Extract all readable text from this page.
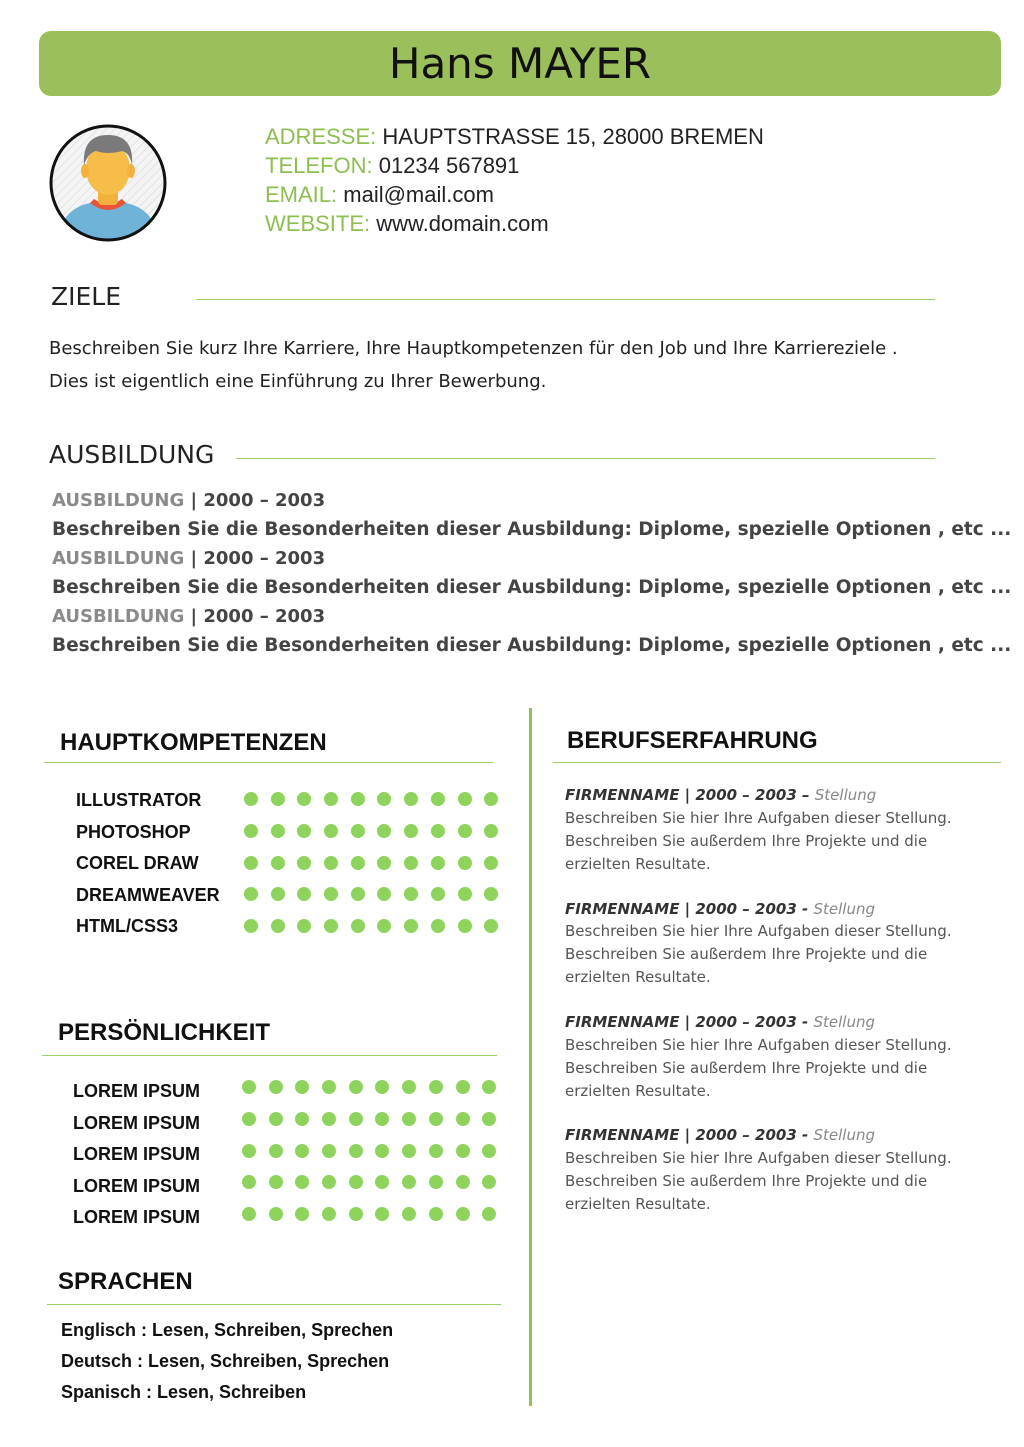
Hans MAYER
ADRESSE: HAUPTSTRASSE 15, 28000 BREMEN
TELEFON: 01234 567891
EMAIL: mail@mail.com
WEBSITE: www.domain.com
ZIELE
Beschreiben Sie kurz Ihre Karriere, Ihre Hauptkompetenzen für den Job und Ihre Karriereziele .
Dies ist eigentlich eine Einführung zu Ihrer Bewerbung.
AUSBILDUNG
AUSBILDUNG | 2000 – 2003
Beschreiben Sie die Besonderheiten dieser Ausbildung: Diplome, spezielle Optionen , etc ...
AUSBILDUNG | 2000 – 2003
Beschreiben Sie die Besonderheiten dieser Ausbildung: Diplome, spezielle Optionen , etc ...
AUSBILDUNG | 2000 – 2003
Beschreiben Sie die Besonderheiten dieser Ausbildung: Diplome, spezielle Optionen , etc ...
HAUPTKOMPETENZEN
ILLUSTRATOR
PHOTOSHOP
COREL DRAW
DREAMWEAVER
HTML/CSS3
PERSÖNLICHKEIT
LOREM IPSUM
LOREM IPSUM
LOREM IPSUM
LOREM IPSUM
LOREM IPSUM
SPRACHEN
Englisch : Lesen, Schreiben, Sprechen
Deutsch : Lesen, Schreiben, Sprechen
Spanisch : Lesen, Schreiben
BERUFSERFAHRUNG
FIRMENNAME | 2000 – 2003 – Stellung
Beschreiben Sie hier Ihre Aufgaben dieser Stellung.
Beschreiben Sie außerdem Ihre Projekte und die
erzielten Resultate.
FIRMENNAME | 2000 – 2003 - Stellung
Beschreiben Sie hier Ihre Aufgaben dieser Stellung.
Beschreiben Sie außerdem Ihre Projekte und die
erzielten Resultate.
FIRMENNAME | 2000 – 2003 - Stellung
Beschreiben Sie hier Ihre Aufgaben dieser Stellung.
Beschreiben Sie außerdem Ihre Projekte und die
erzielten Resultate.
FIRMENNAME | 2000 – 2003 - Stellung
Beschreiben Sie hier Ihre Aufgaben dieser Stellung.
Beschreiben Sie außerdem Ihre Projekte und die
erzielten Resultate.
